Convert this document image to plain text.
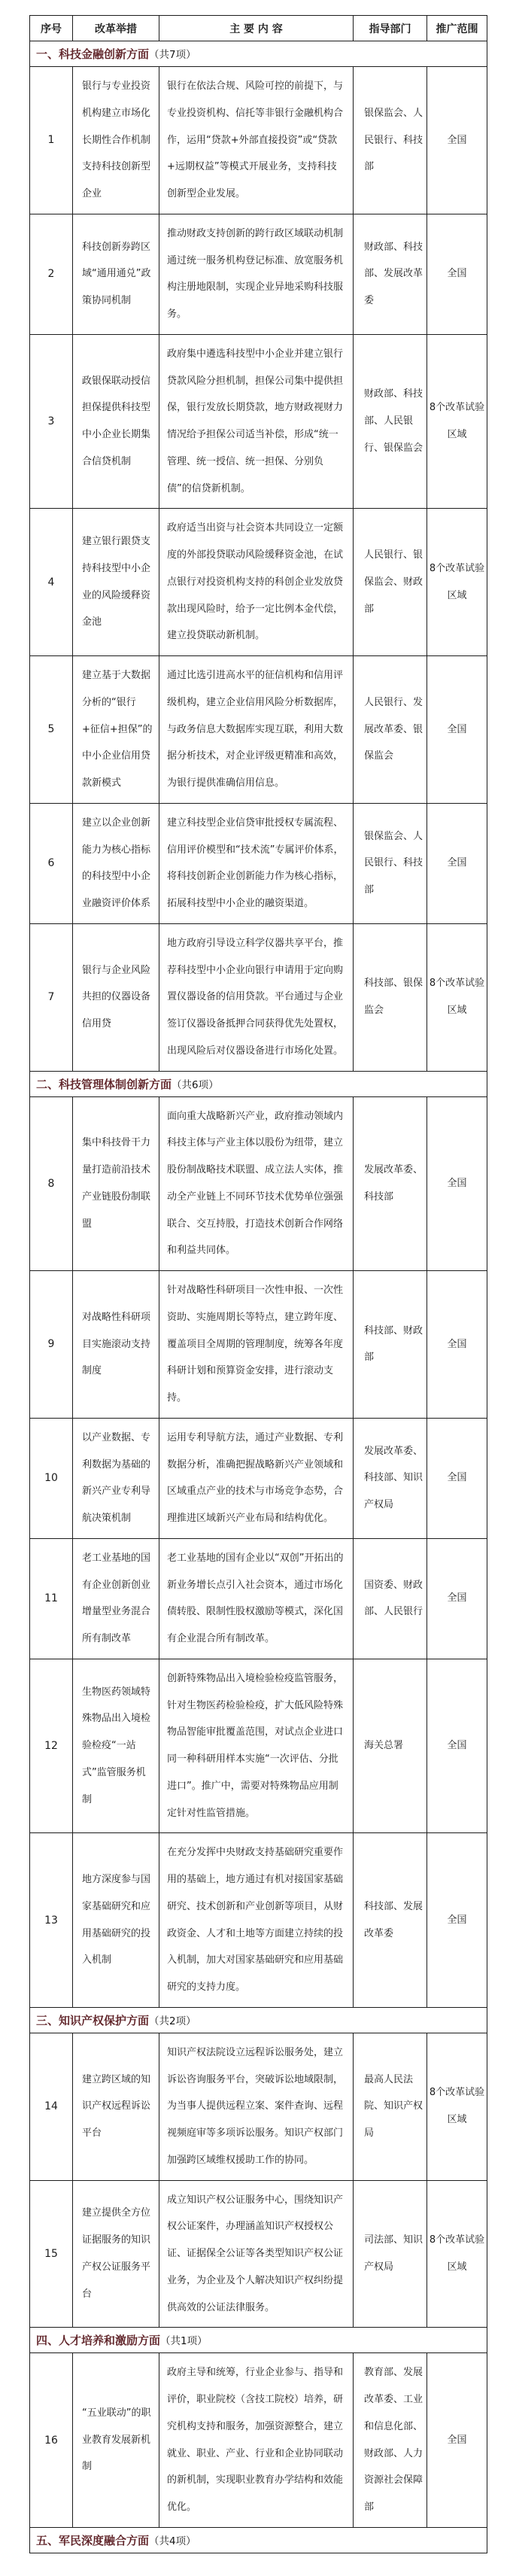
序号	改革举措	主 要 内 容	指导部门	推广范围
一、科技金融创新方面（共7项）				
1	银行与专业投资机构建立市场化长期性合作机制支持科技创新型企业	银行在依法合规、风险可控的前提下，与专业投资机构、信托等非银行金融机构合作，运用“贷款+外部直接投资”或“贷款+远期权益”等模式开展业务，支持科技创新型企业发展。	银保监会、人民银行、科技部	全国
2	科技创新券跨区域“通用通兑”政策协同机制	推动财政支持创新的跨行政区域联动机制通过统一服务机构登记标准、放宽服务机构注册地限制，实现企业异地采购科技服务。	财政部、科技部、发展改革委	全国
3	政银保联动授信担保提供科技型中小企业长期集合信贷机制	政府集中遴选科技型中小企业并建立银行贷款风险分担机制，担保公司集中提供担保，银行发放长期贷款，地方财政视财力情况给予担保公司适当补偿，形成“统一管理、统一授信、统一担保、分别负债”的信贷新机制。	财政部、科技部、人民银行、银保监会	8个改革试验区域
4	建立银行跟贷支持科技型中小企业的风险缓释资金池	政府适当出资与社会资本共同设立一定额度的外部投贷联动风险缓释资金池，在试点银行对投资机构支持的科创企业发放贷款出现风险时，给予一定比例本金代偿，建立投贷联动新机制。	人民银行、银保监会、财政部	8个改革试验区域
5	建立基于大数据分析的“银行+征信+担保”的中小企业信用贷款新模式	通过比选引进高水平的征信机构和信用评级机构，建立企业信用风险分析数据库，与政务信息大数据库实现互联，利用大数据分析技术，对企业评级更精准和高效，为银行提供准确信用信息。	人民银行、发展改革委、银保监会	全国
6	建立以企业创新能力为核心指标的科技型中小企业融资评价体系	建立科技型企业信贷审批授权专属流程、信用评价模型和“技术流”专属评价体系，将科技创新企业创新能力作为核心指标，拓展科技型中小企业的融资渠道。	银保监会、人民银行、科技部	全国
7	银行与企业风险共担的仪器设备信用贷	地方政府引导设立科学仪器共享平台，推荐科技型中小企业向银行申请用于定向购置仪器设备的信用贷款。平台通过与企业签订仪器设备抵押合同获得优先处置权，出现风险后对仪器设备进行市场化处置。	科技部、银保监会	8个改革试验区域
二、科技管理体制创新方面（共6项）				
8	集中科技骨干力量打造前沿技术产业链股份制联盟	面向重大战略新兴产业，政府推动领域内科技主体与产业主体以股份为纽带，建立股份制战略技术联盟、成立法人实体，推动全产业链上不同环节技术优势单位强强联合、交互持股，打造技术创新合作网络和利益共同体。	发展改革委、科技部	全国
9	对战略性科研项目实施滚动支持制度	针对战略性科研项目一次性申报、一次性资助、实施周期长等特点，建立跨年度、覆盖项目全周期的管理制度，统筹各年度科研计划和预算资金安排，进行滚动支持。	科技部、财政部	全国
10	以产业数据、专利数据为基础的新兴产业专利导航决策机制	运用专利导航方法，通过产业数据、专利数据分析，准确把握战略新兴产业领域和区域重点产业的技术与市场竞争态势，合理推进区域新兴产业布局和结构优化。	发展改革委、科技部、知识产权局	全国
11	老工业基地的国有企业创新创业增量型业务混合所有制改革	老工业基地的国有企业以“双创”开拓出的新业务增长点引入社会资本，通过市场化债转股、限制性股权激励等模式，深化国有企业混合所有制改革。	国资委、财政部、人民银行	全国
12	生物医药领域特殊物品出入境检验检疫“一站式”监管服务机制	创新特殊物品出入境检验检疫监管服务，针对生物医药检验检疫，扩大低风险特殊物品智能审批覆盖范围，对试点企业进口同一种科研用样本实施“一次评估、分批进口”。推广中，需要对特殊物品应用制定针对性监管措施。	海关总署	全国
13	地方深度参与国家基础研究和应用基础研究的投入机制	在充分发挥中央财政支持基础研究重要作用的基础上，地方通过有机对接国家基础研究、技术创新和产业创新等项目，从财政资金、人才和土地等方面建立持续的投入机制，加大对国家基础研究和应用基础研究的支持力度。	科技部、发展改革委	全国
三、知识产权保护方面（共2项）				
14	建立跨区域的知识产权远程诉讼平台	知识产权法院设立远程诉讼服务处，建立诉讼咨询服务平台，突破诉讼地域限制，为当事人提供远程立案、案件查询、远程视频庭审等多项诉讼服务。知识产权部门加强跨区域维权援助工作的协同。	最高人民法院、知识产权局	8个改革试验区域
15	建立提供全方位证据服务的知识产权公证服务平台	成立知识产权公证服务中心，围绕知识产权公证案件，办理涵盖知识产权授权公证、证据保全公证等各类型知识产权公证业务，为企业及个人解决知识产权纠纷提供高效的公证法律服务。	司法部、知识产权局	8个改革试验区域
四、人才培养和激励方面（共1项）				
16	“五业联动”的职业教育发展新机制	政府主导和统筹，行业企业参与、指导和评价，职业院校（含技工院校）培养，研究机构支持和服务，加强资源整合，建立就业、职业、产业、行业和企业协同联动的新机制，实现职业教育办学结构和效能优化。	教育部、发展改革委、工业和信息化部、财政部、人力资源社会保障部	全国
五、军民深度融合方面（共4项）				
